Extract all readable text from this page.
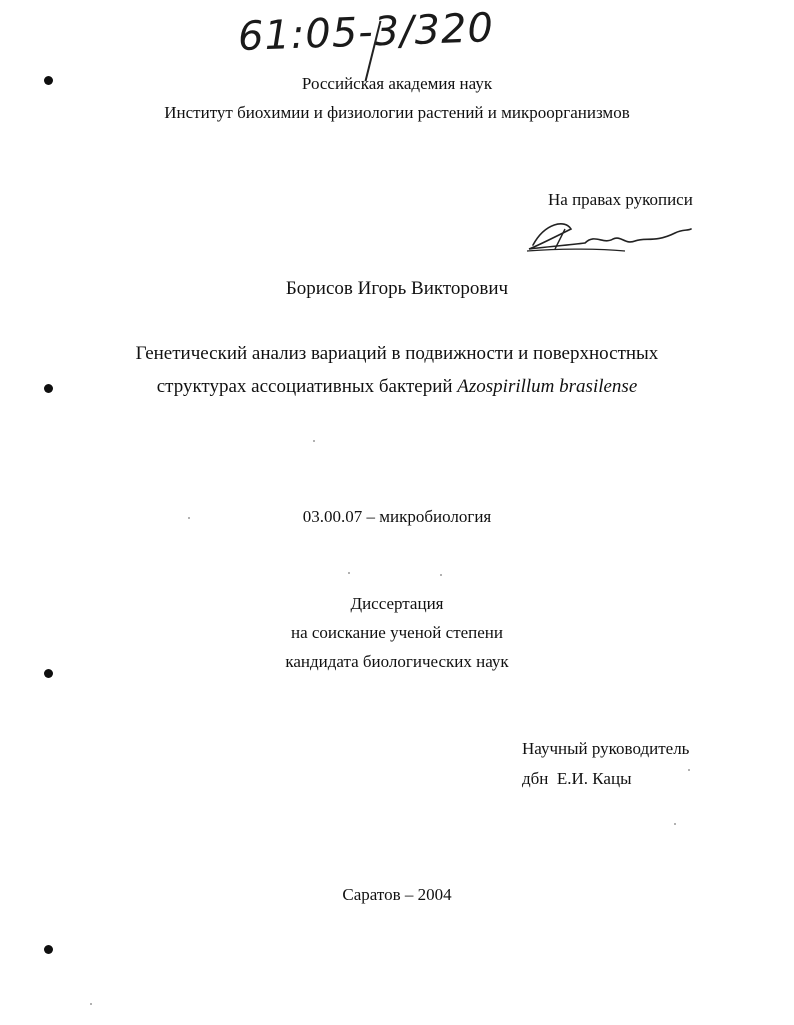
61:05-3/320
Российская академия наук
Институт биохимии и физиологии растений и микроорганизмов
На правах рукописи
Борисов Игорь Викторович
Генетический анализ вариаций в подвижности и поверхностных
структурах ассоциативных бактерий Azospirillum brasilense
03.00.07 – микробиология
Диссертация
на соискание ученой степени
кандидата биологических наук
Научный руководитель
дбн  Е.И. Кацы
Саратов – 2004
